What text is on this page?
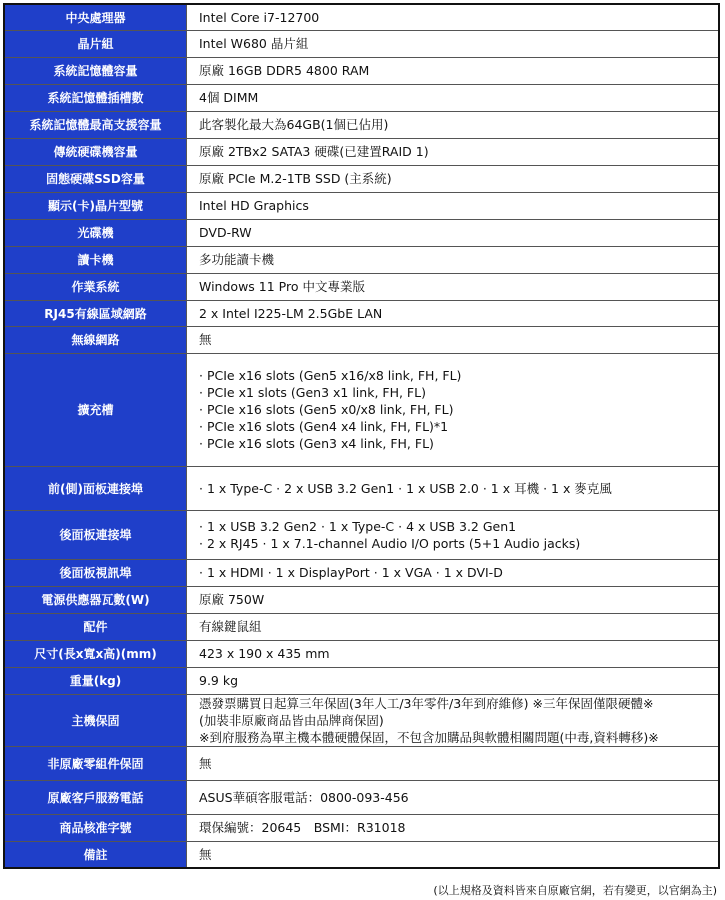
中央處理器	Intel Core i7-12700

晶片組	Intel W680 晶片組

系統記憶體容量	原廠 16GB DDR5 4800 RAM

系統記憶體插槽數	4個 DIMM

系統記憶體最高支援容量	此客製化最大為64GB(1個已佔用)

傳統硬碟機容量	原廠 2TBx2 SATA3 硬碟(已建置RAID 1)

固態硬碟SSD容量	原廠 PCIe M.2-1TB SSD (主系統)

顯示(卡)晶片型號	Intel HD Graphics

光碟機	DVD-RW

讀卡機	多功能讀卡機

作業系統	Windows 11 Pro 中文專業版

RJ45有線區域網路	2 x Intel I225-LM 2.5GbE LAN

無線網路	無

擴充槽	· PCIe x16 slots (Gen5 x16/x8 link, FH, FL)
· PCIe x1 slots (Gen3 x1 link, FH, FL)
· PCIe x16 slots (Gen5 x0/x8 link, FH, FL)
· PCIe x16 slots (Gen4 x4 link, FH, FL)*1
· PCIe x16 slots (Gen3 x4 link, FH, FL)

前(側)面板連接埠	· 1 x Type-C · 2 x USB 3.2 Gen1 · 1 x USB 2.0 · 1 x 耳機 · 1 x 麥克風

後面板連接埠	· 1 x USB 3.2 Gen2 · 1 x Type-C · 4 x USB 3.2 Gen1
· 2 x RJ45 · 1 x 7.1-channel Audio I/O ports (5+1 Audio jacks)

後面板視訊埠	· 1 x HDMI · 1 x DisplayPort · 1 x VGA · 1 x DVI-D

電源供應器瓦數(W)	原廠 750W

配件	有線鍵鼠組

尺寸(長x寬x高)(mm)	423 x 190 x 435 mm

重量(kg)	9.9 kg

主機保固	憑發票購買日起算三年保固(3年人工/3年零件/3年到府維修) ※三年保固僅限硬體※
(加裝非原廠商品皆由品牌商保固)
※到府服務為單主機本體硬體保固，不包含加購品與軟體相關問題(中毒,資料轉移)※

非原廠零組件保固	無

原廠客戶服務電話	ASUS華碩客服電話：0800-093-456

商品核准字號	環保編號：20645　BSMI：R31018

備註	無
(以上規格及資料皆來自原廠官網，若有變更，以官網為主)
